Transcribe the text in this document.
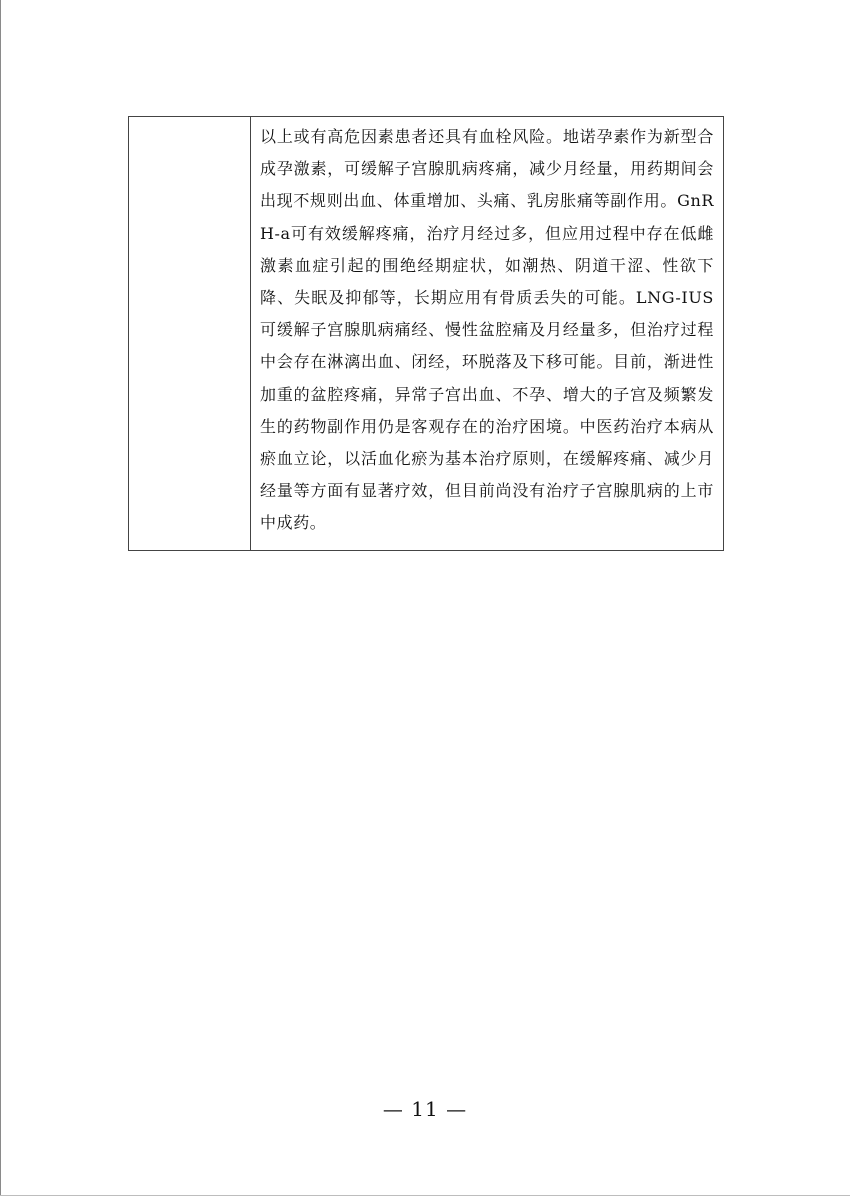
以上或有高危因素患者还具有血栓风险。地诺孕素作为新型合成孕激素，可缓解子宫腺肌病疼痛，减少月经量，用药期间会出现不规则出血、体重增加、头痛、乳房胀痛等副作用。GnRH-a可有效缓解疼痛，治疗月经过多，但应用过程中存在低雌激素血症引起的围绝经期症状，如潮热、阴道干涩、性欲下降、失眠及抑郁等，长期应用有骨质丢失的可能。LNG-IUS可缓解子宫腺肌病痛经、慢性盆腔痛及月经量多，但治疗过程中会存在淋漓出血、闭经，环脱落及下移可能。目前，渐进性加重的盆腔疼痛，异常子宫出血、不孕、增大的子宫及频繁发生的药物副作用仍是客观存在的治疗困境。中医药治疗本病从瘀血立论，以活血化瘀为基本治疗原则，在缓解疼痛、减少月经量等方面有显著疗效，但目前尚没有治疗子宫腺肌病的上市中成药。
— 11 —
